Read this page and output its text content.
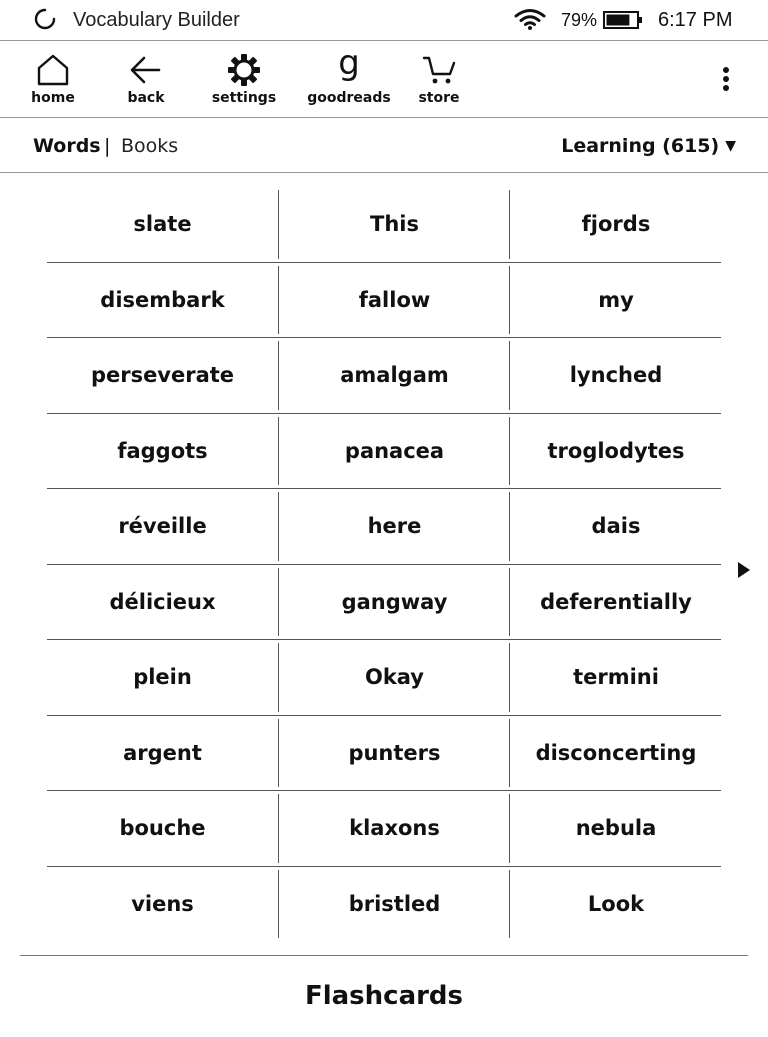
Vocabulary Builder	79%	6:17 PM
home	back	settings
g
goodreads	store
Words | Books	Learning (615) ▼
slate	This	fjords
disembark	fallow	my
perseverate	amalgam	lynched
faggots	panacea	troglodytes
réveille	here	dais
délicieux	gangway	deferentially
plein	Okay	termini
argent	punters	disconcerting
bouche	klaxons	nebula
viens	bristled	Look
Flashcards
